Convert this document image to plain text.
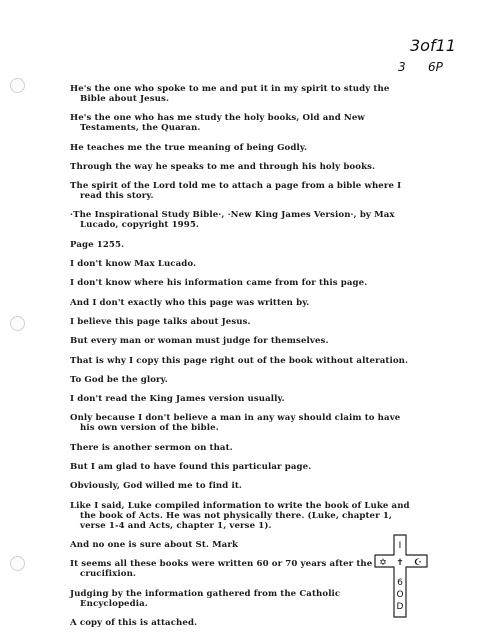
3of11
3 6P

He's the one who spoke to me and put it in my spirit to study the Bible about Jesus.

He's the one who has me study the holy books, Old and New Testaments, the Quaran.

He teaches me the true meaning of being Godly.

Through the way he speaks to me and through his holy books.

The spirit of the Lord told me to attach a page from a bible where I read this story.

·The Inspirational Study Bible·, ·New King James Version·, by Max Lucado, copyright 1995.

Page 1255.

I don't know Max Lucado.

I don't know where his information came from for this page.

And I don't exactly who this page was written by.

I believe this page talks about Jesus.

But every man or woman must judge for themselves.

That is why I copy this page right out of the book without alteration.

To God be the glory.

I don't read the King James version usually.

Only because I don't believe a man in any way should claim to have his own version of the bible.

There is another sermon on that.

But I am glad to have found this particular page.

Obviously, God willed me to find it.

Like I said, Luke compiled information to write the book of Luke and the book of Acts. He was not physically there. (Luke, chapter 1, verse 1-4 and Acts, chapter 1, verse 1).

And no one is sure about St. Mark

It seems all these books were written 60 or 70 years after the crucifixion.

Judging by the information gathered from the Catholic Encyclopedia.

A copy of this is attached.

I
✡ ✝ ☪
6
O
D
